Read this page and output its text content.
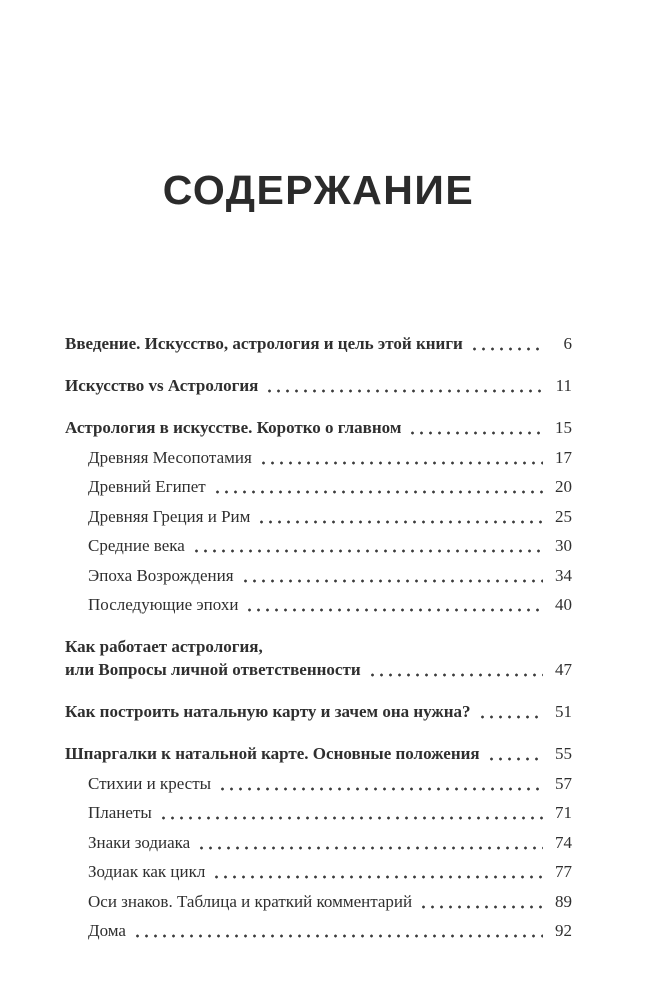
СОДЕРЖАНИЕ
Введение. Искусство, астрология и цель этой книги	6
Искусство vs Астрология	11
Астрология в искусстве. Коротко о главном	15
Древняя Месопотамия	17
Древний Египет	20
Древняя Греция и Рим	25
Средние века	30
Эпоха Возрождения	34
Последующие эпохи	40
Как работает астрология,
или Вопросы личной ответственности	47
Как построить натальную карту и зачем она нужна?	51
Шпаргалки к натальной карте. Основные положения	55
Стихии и кресты	57
Планеты	71
Знаки зодиака	74
Зодиак как цикл	77
Оси знаков. Таблица и краткий комментарий	89
Дома	92
